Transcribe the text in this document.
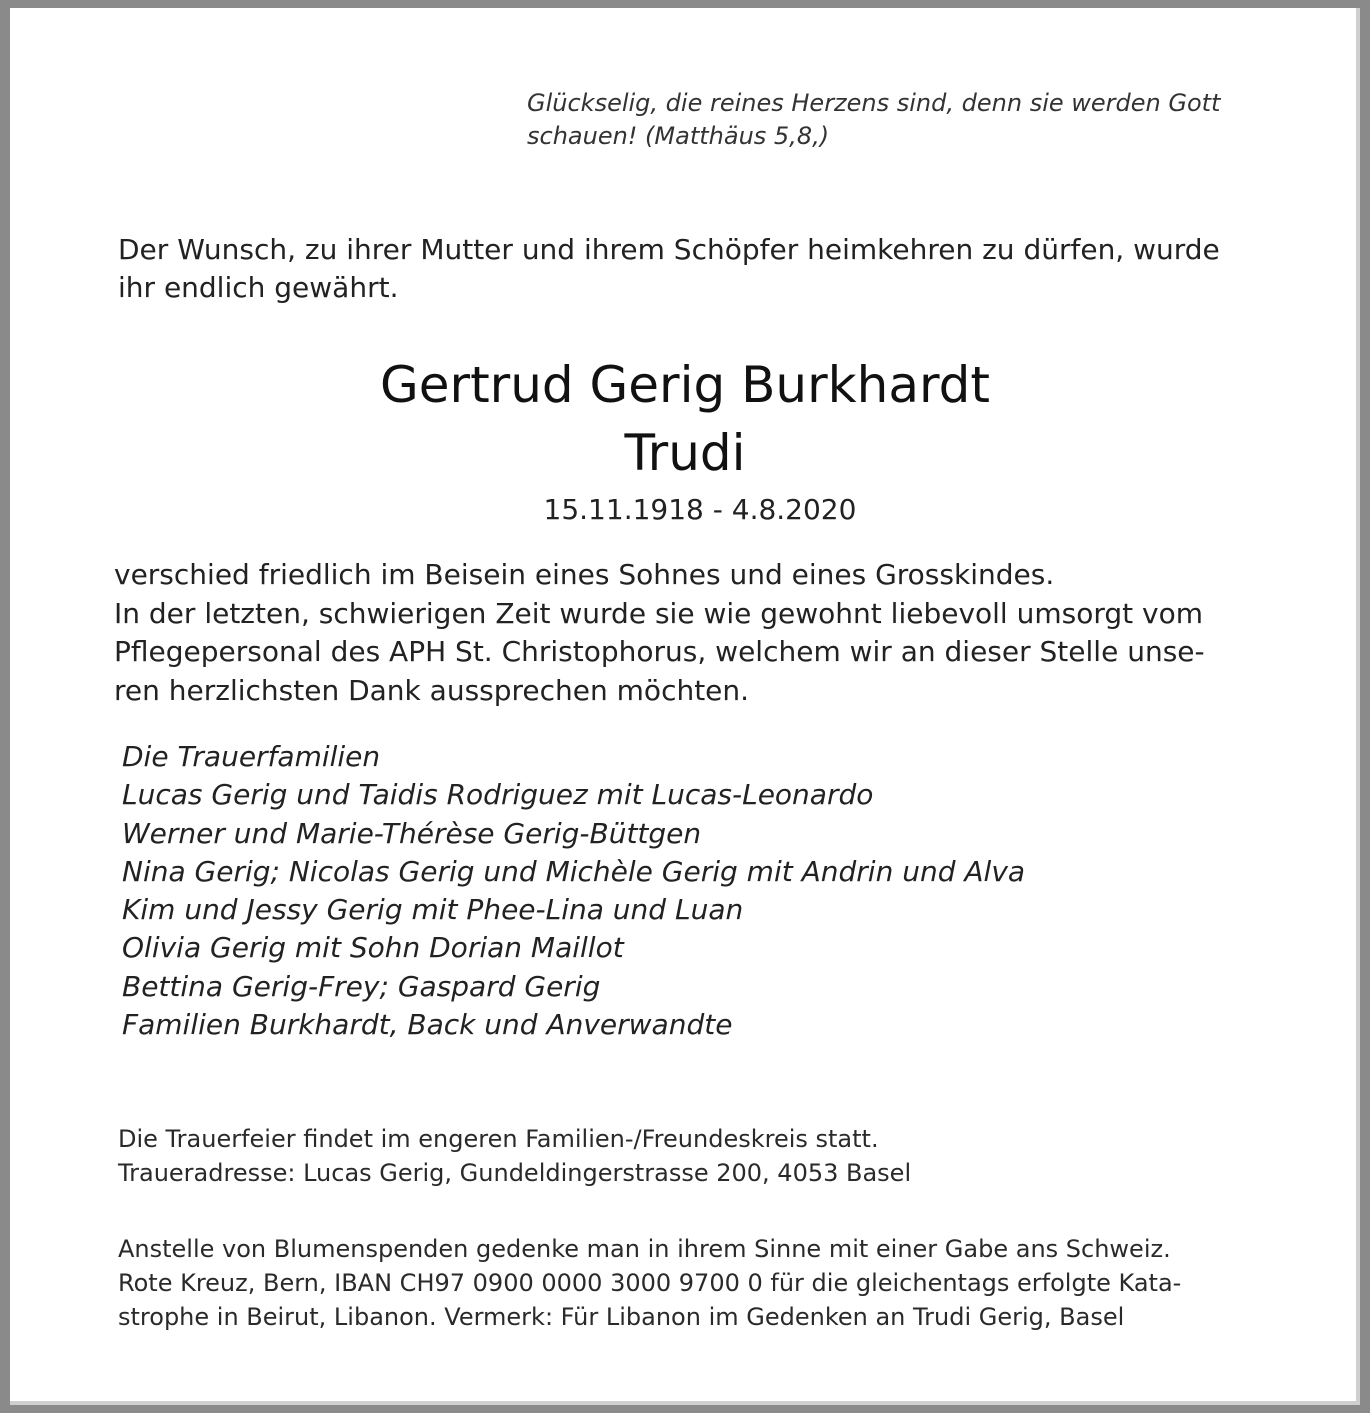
Glückselig, die reines Herzens sind, denn sie werden Gott
schauen! (Matthäus 5,8,)
Der Wunsch, zu ihrer Mutter und ihrem Schöpfer heimkehren zu dürfen, wurde
ihr endlich gewährt.
Gertrud Gerig Burkhardt
Trudi
15.11.1918 - 4.8.2020
verschied friedlich im Beisein eines Sohnes und eines Grosskindes.
In der letzten, schwierigen Zeit wurde sie wie gewohnt liebevoll umsorgt vom
Pflegepersonal des APH St. Christophorus, welchem wir an dieser Stelle unse-
ren herzlichsten Dank aussprechen möchten.
Die Trauerfamilien
Lucas Gerig und Taidis Rodriguez mit Lucas-Leonardo
Werner und Marie-Thérèse Gerig-Büttgen
Nina Gerig; Nicolas Gerig und Michèle Gerig mit Andrin und Alva
Kim und Jessy Gerig mit Phee-Lina und Luan
Olivia Gerig mit Sohn Dorian Maillot
Bettina Gerig-Frey; Gaspard Gerig
Familien Burkhardt, Back und Anverwandte
Die Trauerfeier findet im engeren Familien-/Freundeskreis statt.
Traueradresse: Lucas Gerig, Gundeldingerstrasse 200, 4053 Basel
Anstelle von Blumenspenden gedenke man in ihrem Sinne mit einer Gabe ans Schweiz.
Rote Kreuz, Bern, IBAN CH97 0900 0000 3000 9700 0 für die gleichentags erfolgte Kata-
strophe in Beirut, Libanon. Vermerk: Für Libanon im Gedenken an Trudi Gerig, Basel
